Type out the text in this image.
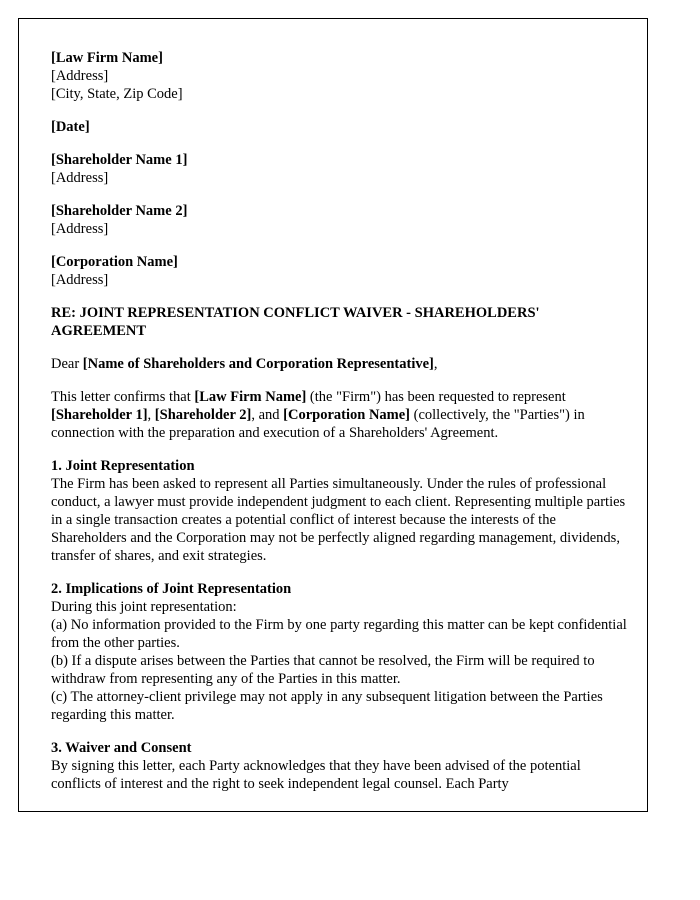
[Law Firm Name]
[Address]
[City, State, Zip Code]
[Date]
[Shareholder Name 1]
[Address]
[Shareholder Name 2]
[Address]
[Corporation Name]
[Address]
RE: JOINT REPRESENTATION CONFLICT WAIVER - SHAREHOLDERS' AGREEMENT
Dear [Name of Shareholders and Corporation Representative],
This letter confirms that [Law Firm Name] (the "Firm") has been requested to represent [Shareholder 1], [Shareholder 2], and [Corporation Name] (collectively, the "Parties") in connection with the preparation and execution of a Shareholders' Agreement.
1. Joint Representation
The Firm has been asked to represent all Parties simultaneously. Under the rules of professional conduct, a lawyer must provide independent judgment to each client. Representing multiple parties in a single transaction creates a potential conflict of interest because the interests of the Shareholders and the Corporation may not be perfectly aligned regarding management, dividends, transfer of shares, and exit strategies.
2. Implications of Joint Representation
During this joint representation:
(a) No information provided to the Firm by one party regarding this matter can be kept confidential from the other parties.
(b) If a dispute arises between the Parties that cannot be resolved, the Firm will be required to withdraw from representing any of the Parties in this matter.
(c) The attorney-client privilege may not apply in any subsequent litigation between the Parties regarding this matter.
3. Waiver and Consent
By signing this letter, each Party acknowledges that they have been advised of the potential conflicts of interest and the right to seek independent legal counsel. Each Party
